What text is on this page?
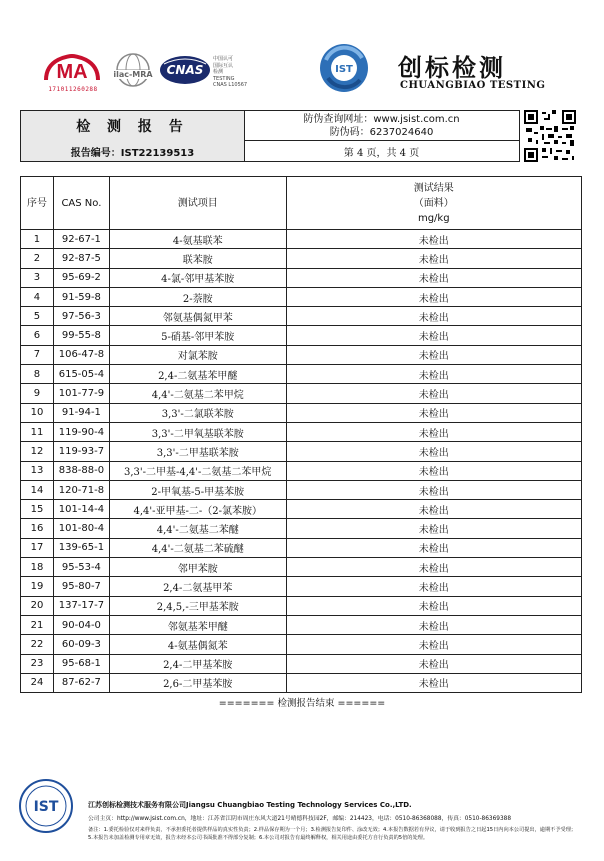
MA
171011260288
ilac-MRA CNAS
中国认可
国际互认
检测
TESTING
CNAS L10567
IST 创标检测
CHUANGBIAO TESTING
检 测 报 告	防伪查询网址：www.jsist.com.cn
防伪码：6237024640
报告编号：IST22139513	第 4 页，共 4 页
序号	CAS No.	测试项目	测试结果
（面料）
mg/kg

1	92-67-1	4-氨基联苯	未检出
2	92-87-5	联苯胺	未检出
3	95-69-2	4-氯-邻甲基苯胺	未检出
4	91-59-8	2-萘胺	未检出
5	97-56-3	邻氨基偶氮甲苯	未检出
6	99-55-8	5-硝基-邻甲苯胺	未检出
7	106-47-8	对氯苯胺	未检出
8	615-05-4	2,4-二氨基苯甲醚	未检出
9	101-77-9	4,4'-二氨基二苯甲烷	未检出
10	91-94-1	3,3'-二氯联苯胺	未检出
11	119-90-4	3,3'-二甲氧基联苯胺	未检出
12	119-93-7	3,3'-二甲基联苯胺	未检出
13	838-88-0	3,3'-二甲基-4,4'-二氨基二苯甲烷	未检出
14	120-71-8	2-甲氧基-5-甲基苯胺	未检出
15	101-14-4	4,4'-亚甲基-二-（2-氯苯胺）	未检出
16	101-80-4	4,4'-二氨基二苯醚	未检出
17	139-65-1	4,4'-二氨基二苯硫醚	未检出
18	95-53-4	邻甲苯胺	未检出
19	95-80-7	2,4-二氨基甲苯	未检出
20	137-17-7	2,4,5,-三甲基苯胺	未检出
21	90-04-0	邻氨基苯甲醚	未检出
22	60-09-3	4-氨基偶氮苯	未检出
23	95-68-1	2,4-二甲基苯胺	未检出
24	87-62-7	2,6-二甲基苯胺	未检出
======= 检测报告结束 ======
IST	江苏创标检测技术服务有限公司Jiangsu Chuangbiao Testing Technology Services Co.,LTD.
公司主页：http://www.jsist.com.cn，地址：江苏省江阴市周庄东风大道21号晴德科技园2F，邮编：214423，电话：0510-86368088，传真：0510-86369388
备注：1.委托检验仅对来样负责，不承担委托者提供样品的真实性负责；2.样品保存期为一个月；3.检测报告复印件、涂改无效；4.本报告数据若有异议，请于收到报告之日起15日内向本公司提出，逾期不予受理；5.本报告未加盖检测专用章无效，报告未经本公司书面批准不得部分复制；6.本公司对报告有最终解释权，相关用途由委托方自行负责的5倍的处理。
